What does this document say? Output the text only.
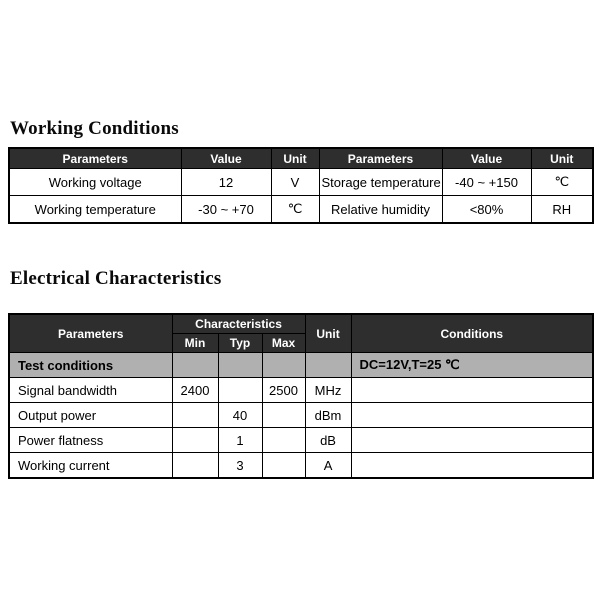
Working Conditions
Parameters	Value	Unit	Parameters	Value	Unit
Working voltage	12	V	Storage temperature	-40 ~ +150	℃
Working temperature	-30 ~ +70	℃	Relative humidity	<80%	RH
Electrical Characteristics
Parameters	Characteristics			Unit	Conditions
	Min	Typ	Max		
Test conditions					DC=12V,T=25 ℃
Signal bandwidth	2400		2500	MHz	
Output power		40		dBm	
Power flatness		1		dB	
Working current		3		A	
